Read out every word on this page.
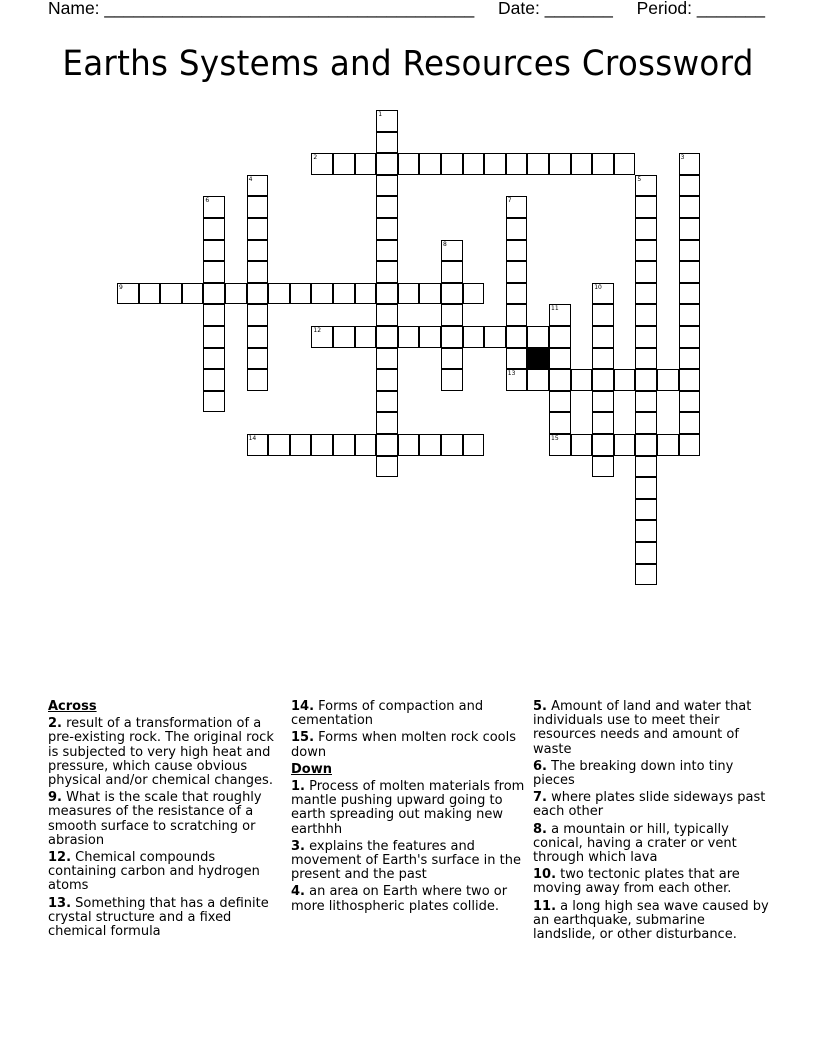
Name: ______________________________________ Date: _______ Period: _______
Earths Systems and Resources Crossword
1
2	3
4	5
6	7
13
8
9	10
11
15
12
14
Across
2. result of a transformation of a pre-existing rock. The original rock is subjected to very high heat and pressure, which cause obvious physical and/or chemical changes.
9. What is the scale that roughly measures of the resistance of a smooth surface to scratching or abrasion
12. Chemical compounds containing carbon and hydrogen atoms
13. Something that has a definite crystal structure and a fixed chemical formula
14. Forms of compaction and cementation
15. Forms when molten rock cools down
Down
1. Process of molten materials from mantle pushing upward going to earth spreading out making new earthhh
3. explains the features and movement of Earth's surface in the present and the past
4. an area on Earth where two or more lithospheric plates collide.
5. Amount of land and water that individuals use to meet their resources needs and amount of waste
6. The breaking down into tiny pieces
7. where plates slide sideways past each other
8. a mountain or hill, typically conical, having a crater or vent through which lava
10. two tectonic plates that are moving away from each other.
11. a long high sea wave caused by an earthquake, submarine landslide, or other disturbance.
